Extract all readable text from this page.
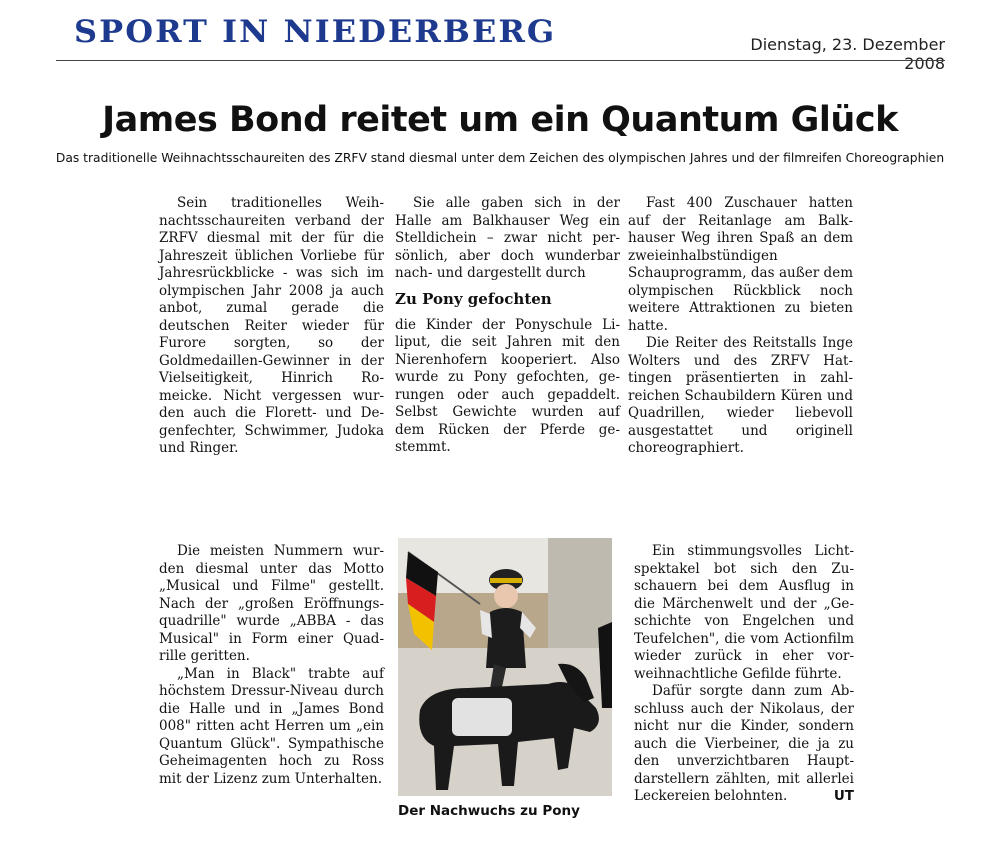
SPORT IN NIEDERBERG	Dienstag, 23. Dezember 2008
James Bond reitet um ein Quantum Glück
Das traditionelle Weihnachtsschaureiten des ZRFV stand diesmal unter dem Zeichen des olympischen Jahres und der filmreifen Choreographien

Sein traditionelles Weihnachtsschaureiten verband der ZRFV diesmal mit der für die Jahreszeit üblichen Vorliebe für Jahresrückblicke - was sich im olympischen Jahr 2008 ja auch anbot, zumal gerade die deutschen Reiter wieder für Furore sorgten, so der Goldmedaillen-Gewinner in der Vielseitigkeit, Hinrich Romeicke. Nicht vergessen wurden auch die Florett- und Degenfechter, Schwimmer, Judoka und Ringer.

Sie alle gaben sich in der Halle am Balkhauser Weg ein Stelldichein – zwar nicht persönlich, aber doch wunderbar nach- und dargestellt durch

Zu Pony gefochten

die Kinder der Ponyschule Liliput, die seit Jahren mit den Nierenhofern kooperiert. Also wurde zu Pony gefochten, gerungen oder auch gepaddelt. Selbst Gewichte wurden auf dem Rücken der Pferde gestemmt.

Fast 400 Zuschauer hatten auf der Reitanlage am Balkhauser Weg ihren Spaß an dem zweieinhalbstündigen Schauprogramm, das außer dem olympischen Rückblick noch weitere Attraktionen zu bieten hatte.

Die Reiter des Reitstalls Inge Wolters und des ZRFV Hattingen präsentierten in zahlreichen Schaubildern Küren und Quadrillen, wieder liebevoll ausgestattet und originell choreographiert.

Die meisten Nummern wurden diesmal unter das Motto „Musical und Filme" gestellt. Nach der „großen Eröffnungsquadrille" wurde „ABBA - das Musical" in Form einer Quadrille geritten.

„Man in Black" trabte auf höchstem Dressur-Niveau durch die Halle und in „James Bond 008" ritten acht Herren um „ein Quantum Glück". Sympathische Geheimagenten hoch zu Ross mit der Lizenz zum Unterhalten.

Der Nachwuchs zu Pony

Ein stimmungsvolles Lichtspektakel bot sich den Zuschauern bei dem Ausflug in die Märchenwelt und der „Geschichte von Engelchen und Teufelchen", die vom Actionfilm wieder zurück in eher vorweihnachtliche Gefilde führte.

Dafür sorgte dann zum Abschluss auch der Nikolaus, der nicht nur die Kinder, sondern auch die Vierbeiner, die ja zu den unverzichtbaren Hauptdarstellern zählten, mit allerlei Leckereien belohnten.	UT
